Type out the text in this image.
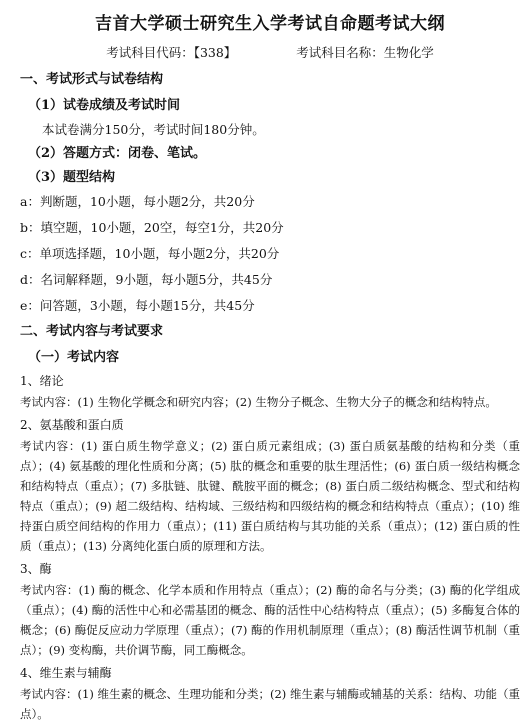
吉首大学硕士研究生入学考试自命题考试大纲
考试科目代码：【338】	考试科目名称：生物化学
一、考试形式与试卷结构
（1）试卷成绩及考试时间
本试卷满分150分，考试时间180分钟。
（2）答题方式：闭卷、笔试。
（3）题型结构
a：判断题，10小题，每小题2分，共20分
b：填空题，10小题，20空，每空1分，共20分
c：单项选择题，10小题，每小题2分，共20分
d：名词解释题，9小题，每小题5分，共45分
e：问答题，3小题，每小题15分，共45分
二、考试内容与考试要求
（一）考试内容
1、绪论
考试内容：(1) 生物化学概念和研究内容；(2) 生物分子概念、生物大分子的概念和结构特点。
2、氨基酸和蛋白质
考试内容：(1) 蛋白质生物学意义；(2) 蛋白质元素组成；(3) 蛋白质氨基酸的结构和分类（重点）；(4) 氨基酸的理化性质和分离；(5) 肽的概念和重要的肽生理活性；(6) 蛋白质一级结构概念和结构特点（重点）；(7) 多肽链、肽键、酰胺平面的概念；(8) 蛋白质二级结构概念、型式和结构特点（重点）；(9) 超二级结构、结构域、三级结构和四级结构的概念和结构特点（重点）；(10) 维持蛋白质空间结构的作用力（重点）；(11) 蛋白质结构与其功能的关系（重点）；(12) 蛋白质的性质（重点）；(13) 分离纯化蛋白质的原理和方法。
3、酶
考试内容：(1) 酶的概念、化学本质和作用特点（重点）；(2) 酶的命名与分类；(3) 酶的化学组成（重点）；(4) 酶的活性中心和必需基团的概念、酶的活性中心结构特点（重点）；(5) 多酶复合体的概念；(6) 酶促反应动力学原理（重点）；(7) 酶的作用机制原理（重点）；(8) 酶活性调节机制（重点）；(9) 变构酶，共价调节酶，同工酶概念。
4、维生素与辅酶
考试内容：(1) 维生素的概念、生理功能和分类；(2) 维生素与辅酶或辅基的关系：结构、功能（重点）。
